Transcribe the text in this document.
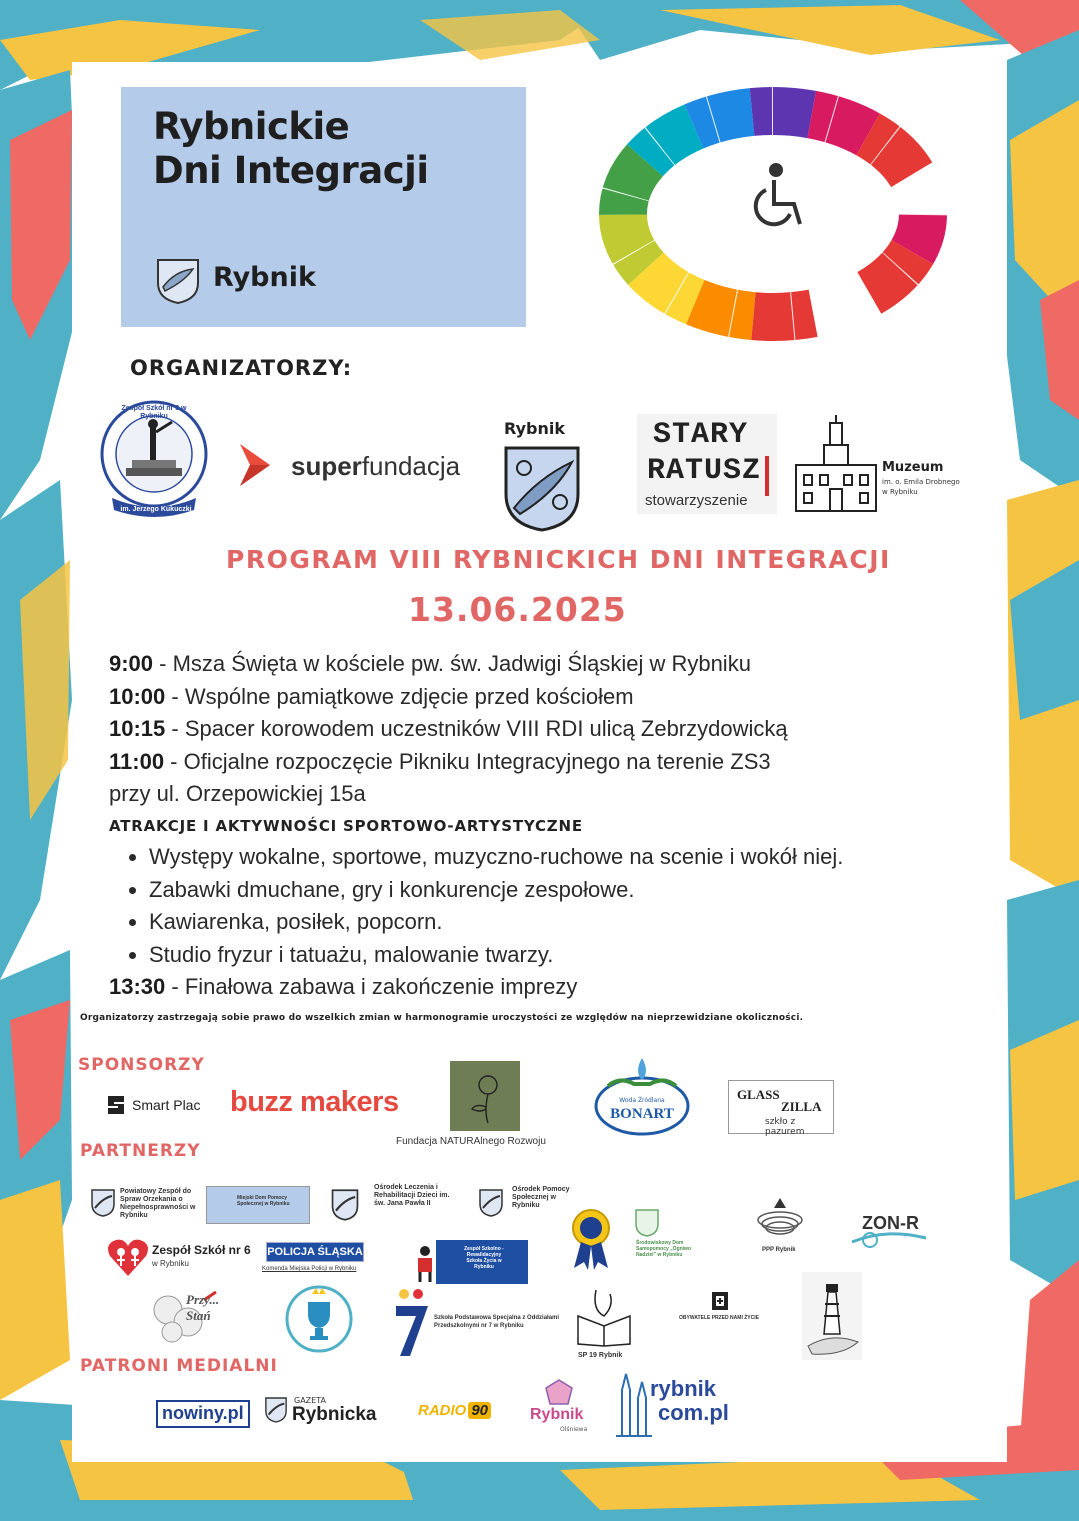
Rybnickie
Dni Integracji
Rybnik
ORGANIZATORZY:
Zespół Szkół nr 3 w Rybniku
im. Jerzego Kukuczki
superfundacja
Rybnik	STARY
RATUSZ
stowarzyszenie
Muzeum
im. o. Emila Drobnego
w Rybniku
PROGRAM VIII RYBNICKICH DNI INTEGRACJI
13.06.2025
9:00 - Msza Święta w kościele pw. św. Jadwigi Śląskiej w Rybniku
10:00 - Wspólne pamiątkowe zdjęcie przed kościołem
10:15 - Spacer korowodem uczestników VIII RDI ulicą Zebrzydowicką
11:00 - Oficjalne rozpoczęcie Pikniku Integracyjnego na terenie ZS3
przy ul. Orzepowickiej 15a
ATRAKCJE I AKTYWNOŚCI SPORTOWO-ARTYSTYCZNE
• Występy wokalne, sportowe, muzyczno-ruchowe na scenie i wokół niej.
• Zabawki dmuchane, gry i konkurencje zespołowe.
• Kawiarenka, posiłek, popcorn.
• Studio fryzur i tatuażu, malowanie twarzy.
13:30 - Finałowa zabawa i zakończenie imprezy
Organizatorzy zastrzegają sobie prawo do wszelkich zmian w harmonogramie uroczystości ze względów na nieprzewidziane okoliczności.
SPONSORZY
Smart Plac buzz makers
Fundacja NATURAlnego Rozwoju
Woda Źródlana
BONART
GLASS
ZILLA
szkło z pazurem
PARTNERZY
Powiatowy Zespół do Spraw Orzekania o Niepełnosprawności w Rybniku
Miejski Dom Pomocy Społecznej w Rybniku
Ośrodek Leczenia i Rehabilitacji Dzieci im. św. Jana Pawła II
Ośrodek Pomocy Społecznej w Rybniku
Środowiskowy Dom Samopomocy „Ogniwo Nadziei” w Rybniku
PPP Rybnik
ZON-R
Zespół Szkół nr 6
w Rybniku
POLICJA ŚLĄSKA
Komenda Miejska Policji w Rybniku
Zespół Szkolno - Rewalidacyjny Szkoła Życia w Rybniku
Przy... Stań	Szkoła Podstawowa Specjalna z Oddziałami Przedszkolnymi nr 7 w Rybniku
SP 19 Rybnik
OBYWATELE PRZED NAMI ŻYCIE
PATRONI MEDIALNI
nowiny.pl
GAZETA
Rybnicka	RADIO 90	Rybnik
Olśniewa
rybnik
com.pl
